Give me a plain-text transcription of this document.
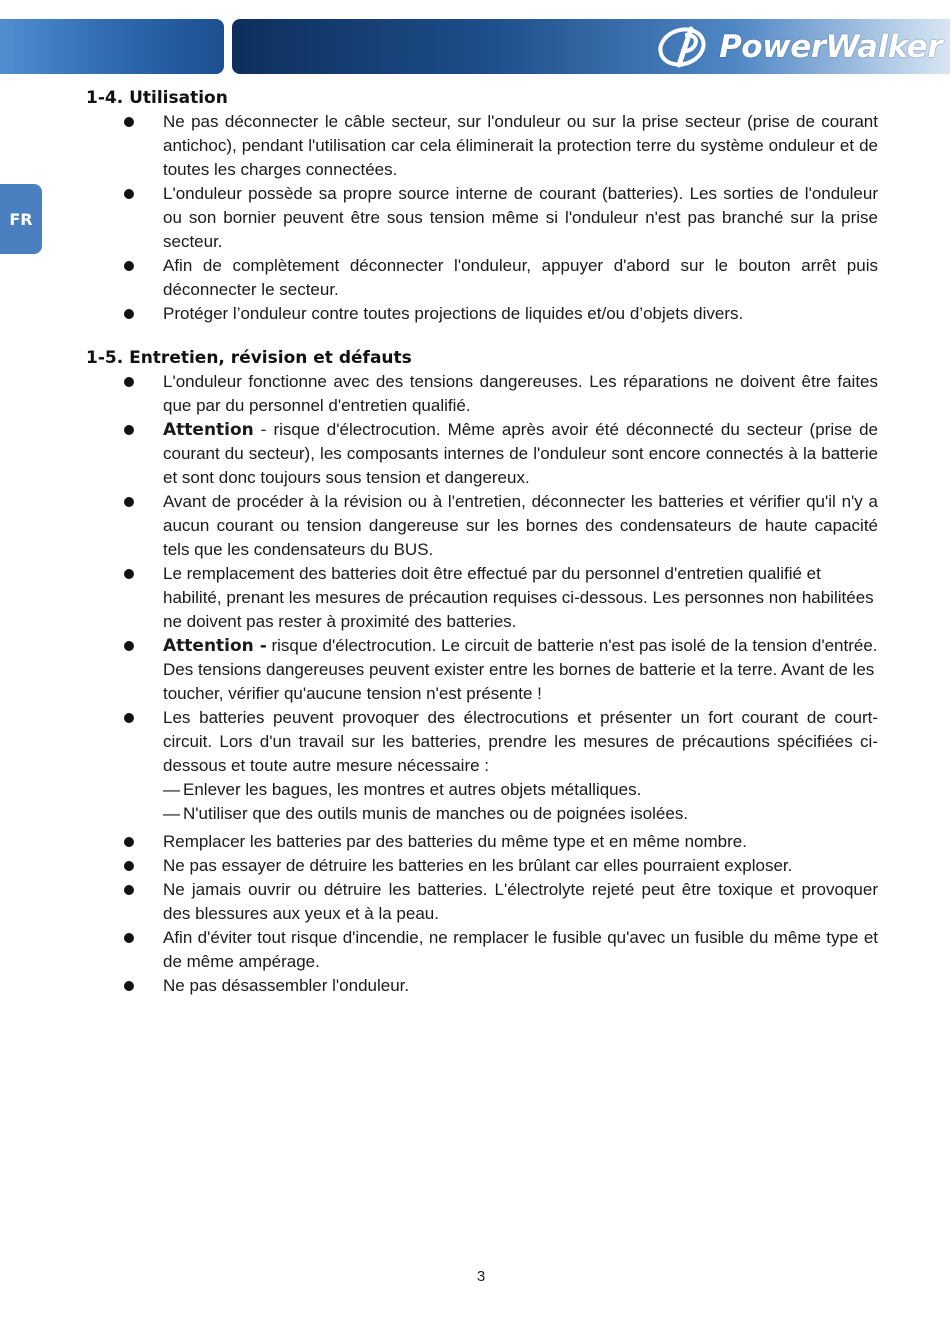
PowerWalker
FR
1-4. Utilisation
Ne pas déconnecter le câble secteur, sur l'onduleur ou sur la prise secteur (prise de courant antichoc), pendant l'utilisation car cela éliminerait la protection terre du système onduleur et de toutes les charges connectées.
L'onduleur possède sa propre source interne de courant (batteries). Les sorties de l'onduleur ou son bornier peuvent être sous tension même si l'onduleur n'est pas branché sur la prise secteur.
Afin de complètement déconnecter l'onduleur, appuyer d'abord sur le bouton arrêt puis déconnecter le secteur.
Protéger l’onduleur contre toutes projections de liquides et/ou d’objets divers.
1-5. Entretien, révision et défauts
L'onduleur fonctionne avec des tensions dangereuses. Les réparations ne doivent être faites que par du personnel d'entretien qualifié.
Attention - risque d'électrocution. Même après avoir été déconnecté du secteur (prise de courant du secteur), les composants internes de l'onduleur sont encore connectés à la batterie et sont donc toujours sous tension et dangereux.
Avant de procéder à la révision ou à l'entretien, déconnecter les batteries et vérifier qu'il n'y a aucun courant ou tension dangereuse sur les bornes des condensateurs de haute capacité tels que les condensateurs du BUS.
Le remplacement des batteries doit être effectué par du personnel d'entretien qualifié et habilité, prenant les mesures de précaution requises ci-dessous. Les personnes non habilitées ne doivent pas rester à proximité des batteries.
Attention - risque d'électrocution. Le circuit de batterie n'est pas isolé de la tension d'entrée. Des tensions dangereuses peuvent exister entre les bornes de batterie et la terre. Avant de les toucher, vérifier qu'aucune tension n'est présente !
Les batteries peuvent provoquer des électrocutions et présenter un fort courant de court-circuit. Lors d'un travail sur les batteries, prendre les mesures de précautions spécifiées ci-dessous et toute autre mesure nécessaire :
— Enlever les bagues, les montres et autres objets métalliques.
— N'utiliser que des outils munis de manches ou de poignées isolées.
Remplacer les batteries par des batteries du même type et en même nombre.
Ne pas essayer de détruire les batteries en les brûlant car elles pourraient exploser.
Ne jamais ouvrir ou détruire les batteries. L'électrolyte rejeté peut être toxique et provoquer des blessures aux yeux et à la peau.
Afin d'éviter tout risque d'incendie, ne remplacer le fusible qu'avec un fusible du même type et de même ampérage.
Ne pas désassembler l'onduleur.
3
